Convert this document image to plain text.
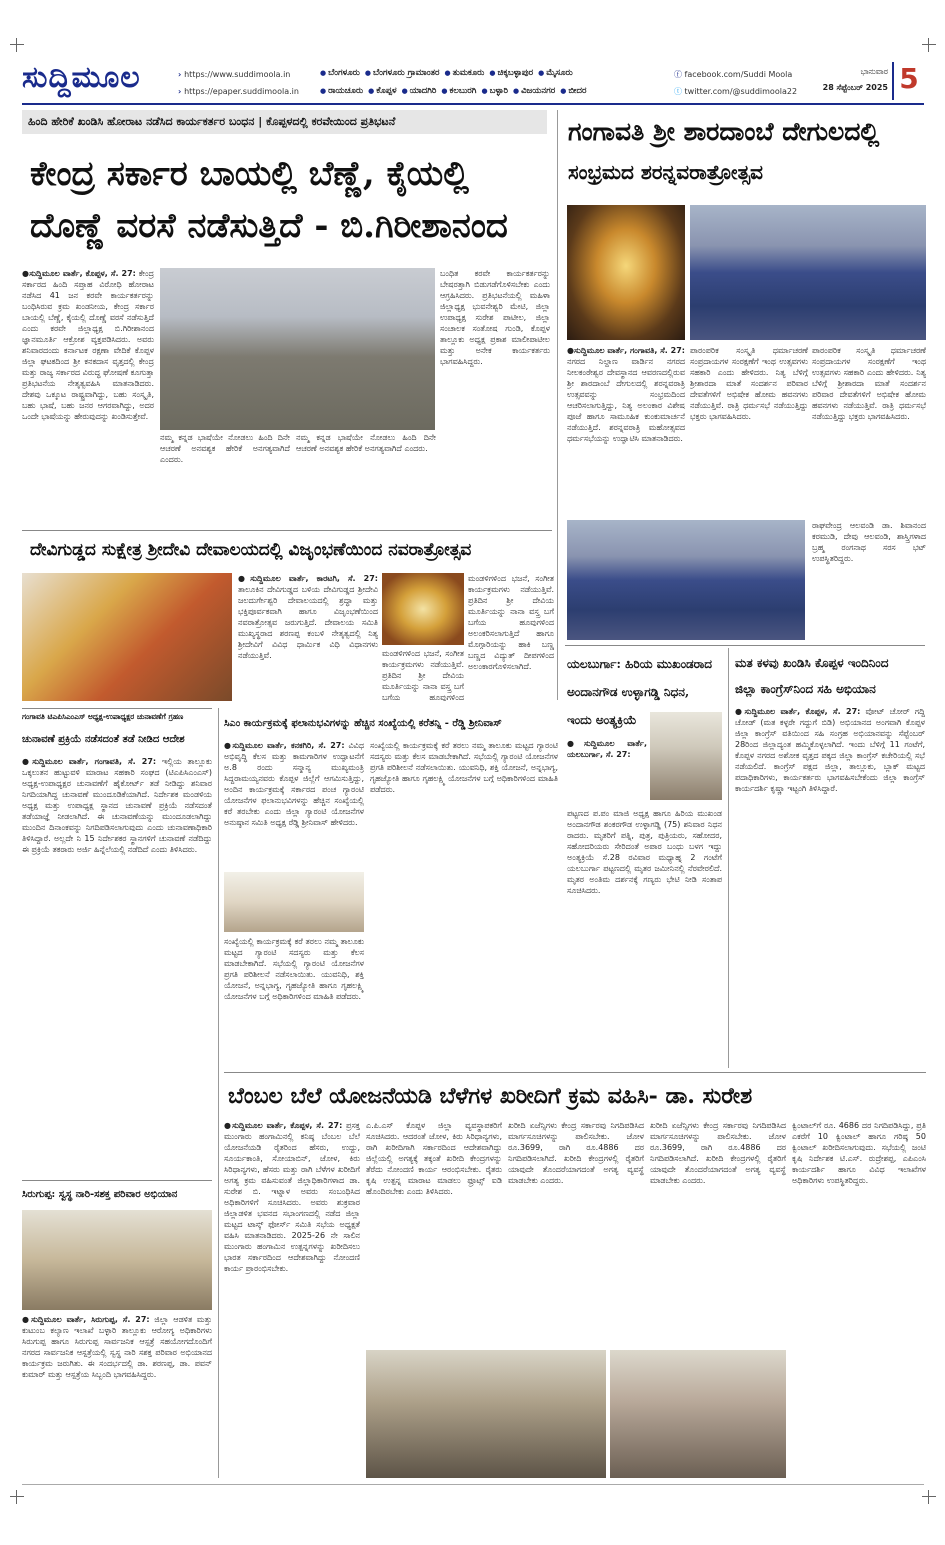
ಸುದ್ದಿಮೂಲ	› https://www.suddimoola.in
› https://epaper.suddimoola.in
● ಬೆಂಗಳೂರು ● ಬೆಂಗಳೂರು ಗ್ರಾಮಾಂತರ ● ತುಮಕೂರು ● ಚಿಕ್ಕಬಳ್ಳಾಪುರ ● ಮೈಸೂರು
● ರಾಯಚೂರು ● ಕೊಪ್ಪಳ ● ಯಾದಗಿರಿ ● ಕಲಬುರಗಿ ● ಬಳ್ಳಾರಿ ● ವಿಜಯನಗರ ● ಬೀದರ
ⓕ facebook.com/Suddi Moola
ⓣ twitter.com/@suddimoola22
ಭಾನುವಾರ
28 ಸೆಪ್ಟೆಂಬರ್ 2025 5
ಹಿಂದಿ ಹೇರಿಕೆ ಖಂಡಿಸಿ ಹೋರಾಟ ನಡೆಸಿದ ಕಾರ್ಯಕರ್ತರ ಬಂಧನ | ಕೊಪ್ಪಳದಲ್ಲಿ ಕರವೇಯಿಂದ ಪ್ರತಿಭಟನೆ
ಕೇಂದ್ರ ಸರ್ಕಾರ ಬಾಯಲ್ಲಿ ಬೆಣ್ಣೆ, ಕೈಯಲ್ಲಿ
ದೊಣ್ಣೆ ವರಸೆ ನಡೆಸುತ್ತಿದೆ - ಬಿ.ಗಿರೀಶಾನಂದ
●ಸುದ್ದಿಮೂಲ ವಾರ್ತೆ, ಕೊಪ್ಪಳ, ಸೆ. 27: ಕೇಂದ್ರ ಸರ್ಕಾರದ ಹಿಂದಿ ಸಪ್ತಾಹ ವಿರೋಧಿ ಹೋರಾಟ ನಡೆಸಿದ 41 ಜನ ಕರವೇ ಕಾರ್ಯಕರ್ತರನ್ನು ಬಂಧಿಸಿರುವ ಕ್ರಮ ಖಂಡನೀಯ, ಕೇಂದ್ರ ಸರ್ಕಾರ ಬಾಯಲ್ಲಿ ಬೆಣ್ಣೆ, ಕೈಯಲ್ಲಿ ದೊಣ್ಣೆ ವರಸೆ ನಡೆಸುತ್ತಿದೆ ಎಂದು ಕರವೇ ಜಿಲ್ಲಾಧ್ಯಕ್ಷ ಬಿ.ಗಿರೀಶಾನಂದ ಜ್ಞಾನಮೂರ್ತಿ ಆಕ್ರೋಶ ವ್ಯಕ್ತಪಡಿಸಿದರು. ಅವರು ಶನಿವಾರದಂದು ಕರ್ನಾಟಕ ರಕ್ಷಣಾ ವೇದಿಕೆ ಕೊಪ್ಪಳ ಜಿಲ್ಲಾ ಘಟಕದಿಂದ ಶ್ರೀ ಕನಕದಾಸ ವೃತ್ತದಲ್ಲಿ ಕೇಂದ್ರ ಮತ್ತು ರಾಜ್ಯ ಸರ್ಕಾರದ ವಿರುದ್ಧ ಘೋಷಣೆ ಕೂಗುತ್ತಾ ಪ್ರತಿಭಟನೆಯ ನೇತೃತ್ವವಹಿಸಿ ಮಾತನಾಡಿದರು. ದೇಶವು ಒಕ್ಕೂಟ ರಾಷ್ಟ್ರವಾಗಿದ್ದು, ಬಹು ಸಂಸ್ಕೃತಿ, ಬಹು ಭಾಷೆ, ಬಹು ಜನರ ಆಗರವಾಗಿದ್ದು, ಅದರ ಒಂದೇ ಭಾಷೆಯನ್ನು ಹೇರುವುದನ್ನು ಖಂಡಿಸುತ್ತೇವೆ.
ನಮ್ಮ ಕನ್ನಡ ಭಾಷೆಯೇ ನೋಡಲು ಹಿಂದಿ ದಿನೇ ಆಚರಣೆ ಅನವಶ್ಯಕ ಹೇರಿಕೆ ಅನಗತ್ಯವಾಗಿದೆ ಎಂದರು.
ನಮ್ಮ ಕನ್ನಡ ಭಾಷೆಯೇ ನೋಡಲು ಹಿಂದಿ ದಿನೇ ಆಚರಣೆ ಅನವಶ್ಯಕ ಹೇರಿಕೆ ಅನಗತ್ಯವಾಗಿದೆ ಎಂದರು.
ಬಂಧಿತ ಕರವೇ ಕಾರ್ಯಕರ್ತರನ್ನು ಬೇಷರತ್ತಾಗಿ ಬಿಡುಗಡೆಗೊಳಿಸಬೇಕು ಎಂದು ಆಗ್ರಹಿಸಿದರು. ಪ್ರತಿಭಟನೆಯಲ್ಲಿ ಮಹಿಳಾ ಜಿಲ್ಲಾಧ್ಯಕ್ಷ ಭುವನೇಶ್ವರಿ ಮೇಟಿ, ಜಿಲ್ಲಾ ಉಪಾಧ್ಯಕ್ಷ ಸುರೇಶ ಪಾಟೀಲ, ಜಿಲ್ಲಾ ಸಂಚಾಲಕ ಸಂತೋಷ ಗುಂಡಿ, ಕೊಪ್ಪಳ ತಾಲ್ಲೂಕು ಅಧ್ಯಕ್ಷ ಪ್ರಕಾಶ ಮಾಲೀಪಾಟೀಲ ಮತ್ತು ಅನೇಕ ಕಾರ್ಯಕರ್ತರು ಭಾಗವಹಿಸಿದ್ದರು.
ಗಂಗಾವತಿ ಶ್ರೀ ಶಾರದಾಂಬೆ ದೇಗುಲದಲ್ಲಿ
ಸಂಭ್ರಮದ ಶರನ್ನವರಾತ್ರೋತ್ಸವ
●ಸುದ್ದಿಮೂಲ ವಾರ್ತೆ, ಗಂಗಾವತಿ, ಸೆ. 27: ನಗರದ ನಿಲ್ದಾಣ ವಾರ್ಡಿನ ನಗರದ ನೀಲಕಂಠೇಶ್ವರ ದೇವಸ್ಥಾನದ ಆವರಣದಲ್ಲಿರುವ ಶ್ರೀ ಶಾರದಾಂಬೆ ದೇಗುಲದಲ್ಲಿ ಶರನ್ನವರಾತ್ರಿ ಉತ್ಸವವನ್ನು ಸಂಭ್ರಮದಿಂದ ಆಚರಿಸಲಾಗುತ್ತಿದ್ದು, ನಿತ್ಯ ಅಲಂಕಾರ ವಿಶೇಷ ಪೂಜೆ ಹಾಗೂ ಸಾಮೂಹಿಕ ಕುಂಕುಮಾರ್ಚನೆ ನಡೆಯುತ್ತಿದೆ. ಶರನ್ನವರಾತ್ರಿ ಮಹೋತ್ಸವದ ಧರ್ಮಸಭೆಯನ್ನು ಉದ್ಘಾಟಿಸಿ ಮಾತನಾಡಿದರು.
ಪಾರಂಪರಿಕ ಸಂಸ್ಕೃತಿ ಧರ್ಮಾಚರಣೆ ಸಂಪ್ರದಾಯಗಳ ಸಂರಕ್ಷಣೆಗೆ ಇಂಥ ಉತ್ಸವಗಳು ಸಹಕಾರಿ ಎಂದು ಹೇಳಿದರು. ನಿತ್ಯ ಬೆಳಿಗ್ಗೆ ಶ್ರೀಶಾರದಾ ಮಾತೆ ಸಂದರ್ಶನ ಪರಿವಾರ ದೇವತೆಗಳಿಗೆ ಅಭಿಷೇಕ ಹೋಮ ಹವನಗಳು ನಡೆಯುತ್ತಿವೆ. ರಾತ್ರಿ ಧರ್ಮಸಭೆ ನಡೆಯುತ್ತಿದ್ದು ಭಕ್ತರು ಭಾಗವಹಿಸಿದರು.
ಪಾರಂಪರಿಕ ಸಂಸ್ಕೃತಿ ಧರ್ಮಾಚರಣೆ ಸಂಪ್ರದಾಯಗಳ ಸಂರಕ್ಷಣೆಗೆ ಇಂಥ ಉತ್ಸವಗಳು ಸಹಕಾರಿ ಎಂದು ಹೇಳಿದರು. ನಿತ್ಯ ಬೆಳಿಗ್ಗೆ ಶ್ರೀಶಾರದಾ ಮಾತೆ ಸಂದರ್ಶನ ಪರಿವಾರ ದೇವತೆಗಳಿಗೆ ಅಭಿಷೇಕ ಹೋಮ ಹವನಗಳು ನಡೆಯುತ್ತಿವೆ. ರಾತ್ರಿ ಧರ್ಮಸಭೆ ನಡೆಯುತ್ತಿದ್ದು ಭಕ್ತರು ಭಾಗವಹಿಸಿದರು.
ರಾಘವೇಂದ್ರ ಆಲವಂಡಿ ಡಾ. ಶಿವಾನಂದ ಕರಮುಡಿ, ದೇವು ಆಲವಂಡಿ, ಶಾಸ್ತ್ರಿಗಳಾದ ಬ್ರಹ್ಮ ರಂಗನಾಥ ಸರಸ ಭಟ್ ಉಪಸ್ಥಿತರಿದ್ದರು.
ದೇವಿಗುಡ್ಡದ ಸುಕ್ಷೇತ್ರ ಶ್ರೀದೇವಿ ದೇವಾಲಯದಲ್ಲಿ ವಿಜೃಂಭಣೆಯಿಂದ ನವರಾತ್ರೋತ್ಸವ
●ಸುದ್ದಿಮೂಲ ವಾರ್ತೆ, ಕಾರಟಗಿ, ಸೆ. 27: ತಾಲೂಕಿನ ದೇವಿಗುಡ್ಡದ ಬಳಿಯ ದೇವಿಗುಡ್ಡದ ಶ್ರೀದೇವಿ ಜಲದುರ್ಗೇಶ್ವರಿ ದೇವಾಲಯದಲ್ಲಿ ಶ್ರದ್ಧಾ ಮತ್ತು ಭಕ್ತಿಪೂರ್ವಕವಾಗಿ ಹಾಗೂ ವಿಜೃಂಭಣೆಯಿಂದ ನವರಾತ್ರೋತ್ಸವ ಜರುಗುತ್ತಿದೆ. ದೇವಾಲಯ ಸಮಿತಿ ಮುಖ್ಯಸ್ಥರಾದ ಶರಣಪ್ಪ ಕಂಬಳಿ ನೇತೃತ್ವದಲ್ಲಿ ನಿತ್ಯ ಶ್ರೀದೇವಿಗೆ ವಿವಿಧ ಧಾರ್ಮಿಕ ವಿಧಿ ವಿಧಾನಗಳು ನಡೆಯುತ್ತಿವೆ.
ಮಂಡಳಿಗಳಿಂದ ಭಜನೆ, ಸಂಗೀತ ಕಾರ್ಯಕ್ರಮಗಳು ನಡೆಯುತ್ತಿವೆ. ಪ್ರತಿದಿನ ಶ್ರೀ ದೇವಿಯ ಮೂರ್ತಿಯನ್ನು ನಾನಾ ವಸ್ತ್ರ ಬಗೆ ಬಗೆಯ ಹೂವುಗಳಿಂದ ಅಲಂಕರಿಸಲಾಗುತ್ತಿದೆ ಹಾಗೂ ಮೊಗ್ಗಾರಿಯನ್ನು ಹಾಕಿ ಬಣ್ಣ ಬಣ್ಣದ ವಿದ್ಯುತ್ ದೀಪಗಳಿಂದ ಅಲಂಕಾರಗೊಳಿಸಲಾಗಿದೆ.
ಮಂಡಳಿಗಳಿಂದ ಭಜನೆ, ಸಂಗೀತ ಕಾರ್ಯಕ್ರಮಗಳು ನಡೆಯುತ್ತಿವೆ. ಪ್ರತಿದಿನ ಶ್ರೀ ದೇವಿಯ ಮೂರ್ತಿಯನ್ನು ನಾನಾ ವಸ್ತ್ರ ಬಗೆ ಬಗೆಯ ಹೂವುಗಳಿಂದ
ಯಲಬುರ್ಗಾ: ಹಿರಿಯ ಮುಖಂಡರಾದ
ಅಂದಾನಗೌಡ ಉಳ್ಳಾಗಡ್ಡಿ ನಿಧನ,
ಇಂದು ಅಂತ್ಯಕ್ರಿಯೆ
●ಸುದ್ದಿಮೂಲ ವಾರ್ತೆ, ಯಲಬುರ್ಗಾ, ಸೆ. 27:
ಪಟ್ಟಣದ ಪ.ಪಂ ಮಾಜಿ ಅಧ್ಯಕ್ಷ ಹಾಗೂ ಹಿರಿಯ ಮುಖಂಡ ಅಂದಾನಗೌಡ ಶಂಕರಗೌಡ ಉಳ್ಳಾಗಡ್ಡಿ (75) ಶನಿವಾರ ನಿಧನ ರಾದರು. ಮೃತರಿಗೆ ಪತ್ನಿ, ಪುತ್ರ, ಪುತ್ರಿಯರು, ಸಹೋದರ, ಸಹೋದರಿಯರು ಸೇರಿದಂತೆ ಅಪಾರ ಬಂಧು ಬಳಗ ಇದ್ದು ಅಂತ್ಯಕ್ರಿಯೆ ಸೆ.28 ರವಿವಾರ ಮಧ್ಯಾಹ್ನ 2 ಗಂಟೆಗೆ ಯಲಬುರ್ಗಾ ಪಟ್ಟಣದಲ್ಲಿ ಮೃತರ ಜಮೀನಿನಲ್ಲಿ ನೆರವೇರಲಿದೆ. ಮೃತರ ಅಂತಿಮ ದರ್ಶನಕ್ಕೆ ಗಣ್ಯರು ಭೇಟಿ ನೀಡಿ ಸಂತಾಪ ಸೂಚಿಸಿದರು.
ಮತ ಕಳವು ಖಂಡಿಸಿ ಕೊಪ್ಪಳ ಇಂದಿನಿಂದ
ಜಿಲ್ಲಾ ಕಾಂಗ್ರೆಸ್‌ನಿಂದ ಸಹಿ ಅಭಿಯಾನ
●ಸುದ್ದಿಮೂಲ ವಾರ್ತೆ, ಕೊಪ್ಪಳ, ಸೆ. 27: ವೋಟ್ ಚೋರ್ ಗದ್ದಿ ಚೋಡ್ (ಮತ ಕಳ್ಳರೇ ಗದ್ದುಗೆ ಬಿಡಿ) ಅಭಿಯಾನದ ಅಂಗವಾಗಿ ಕೊಪ್ಪಳ ಜಿಲ್ಲಾ ಕಾಂಗ್ರೆಸ್ ವತಿಯಿಂದ ಸಹಿ ಸಂಗ್ರಹ ಅಭಿಯಾನವನ್ನು ಸೆಪ್ಟೆಂಬರ್ 28ರಿಂದ ಜಿಲ್ಲಾದ್ಯಂತ ಹಮ್ಮಿಕೊಳ್ಳಲಾಗಿದೆ. ಇಂದು ಬೆಳಿಗ್ಗೆ 11 ಗಂಟೆಗೆ, ಕೊಪ್ಪಳ ನಗರದ ಅಶೋಕ ವೃತ್ತದ ಪಕ್ಕದ ಜಿಲ್ಲಾ ಕಾಂಗ್ರೆಸ್ ಕಚೇರಿಯಲ್ಲಿ ಸಭೆ ನಡೆಯಲಿದೆ. ಕಾಂಗ್ರೆಸ್ ಪಕ್ಷದ ಜಿಲ್ಲಾ, ತಾಲ್ಲೂಕು, ಬ್ಲಾಕ್ ಮಟ್ಟದ ಪದಾಧಿಕಾರಿಗಳು, ಕಾರ್ಯಕರ್ತರು ಭಾಗವಹಿಸಬೇಕೆಂದು ಜಿಲ್ಲಾ ಕಾಂಗ್ರೆಸ್ ಕಾರ್ಯದರ್ಶಿ ಕೃಷ್ಣಾ ಇಟ್ಟಂಗಿ ತಿಳಿಸಿದ್ದಾರೆ.
ಗಂಗಾವತಿ ಟಿಎಪಿಸಿಎಂಎಸ್ ಅಧ್ಯಕ್ಷ-ಉಪಾಧ್ಯಕ್ಷರ ಚುನಾವಣೆಗೆ ಗ್ರಹಣ
ಚುನಾವಣೆ ಪ್ರಕ್ರಿಯೆ ನಡೆಸದಂತೆ ತಡೆ ನೀಡಿದ ಆದೇಶ
●ಸುದ್ದಿಮೂಲ ವಾರ್ತೆ, ಗಂಗಾವತಿ, ಸೆ. 27: ಇಲ್ಲಿಯ ತಾಲ್ಲೂಕು ಒಕ್ಕಲುತನ ಹುಟ್ಟುವಳಿ ಮಾರಾಟ ಸಹಕಾರಿ ಸಂಘದ (ಟಿಎಪಿಸಿಎಂಎಸ್) ಅಧ್ಯಕ್ಷ-ಉಪಾಧ್ಯಕ್ಷರ ಚುನಾವಣೆಗೆ ಹೈಕೋರ್ಟ್ ತಡೆ ನೀಡಿದ್ದು ಶನಿವಾರ ನಿಗದಿಯಾಗಿದ್ದ ಚುನಾವಣೆ ಮುಂದೂಡಿಕೆಯಾಗಿದೆ. ನಿರ್ದೇಶಕ ಮಂಡಳಿಯ ಅಧ್ಯಕ್ಷ ಮತ್ತು ಉಪಾಧ್ಯಕ್ಷ ಸ್ಥಾನದ ಚುನಾವಣೆ ಪ್ರಕ್ರಿಯೆ ನಡೆಸದಂತೆ ತಡೆಯಾಜ್ಞೆ ನೀಡಲಾಗಿದೆ. ಈ ಚುನಾವಣೆಯನ್ನು ಮುಂದೂಡಲಾಗಿದ್ದು ಮುಂದಿನ ದಿನಾಂಕವನ್ನು ನಿಗದಿಪಡಿಸಲಾಗುವುದು ಎಂದು ಚುನಾವಣಾಧಿಕಾರಿ ತಿಳಿಸಿದ್ದಾರೆ. ಅಲ್ಲದೇ ನಿ 15 ನಿರ್ದೇಶಕರ ಸ್ಥಾನಗಳಿಗೆ ಚುನಾವಣೆ ನಡೆದಿದ್ದು ಈ ಪ್ರಕ್ರಿಯೆ ತಕರಾರು ಅರ್ಜಿ ಹಿನ್ನೆಲೆಯಲ್ಲಿ ನಡೆದಿದೆ ಎಂದು ತಿಳಿಸಿದರು.
ಸಿಎಂ ಕಾರ್ಯಕ್ರಮಕ್ಕೆ ಫಲಾನುಭವಿಗಳನ್ನು ಹೆಚ್ಚಿನ ಸಂಖ್ಯೆಯಲ್ಲಿ ಕರೆತನ್ನಿ - ರೆಡ್ಡಿ ಶ್ರೀನಿವಾಸ್
●ಸುದ್ದಿಮೂಲ ವಾರ್ತೆ, ಕನಕಗಿರಿ, ಸೆ. 27: ವಿವಿಧ ಅಭಿವೃದ್ಧಿ ಕೆಲಸ ಮತ್ತು ಕಾಮಗಾರಿಗಳ ಉದ್ಘಾಟನೆಗೆ ಅ.8 ರಂದು ಸನ್ಮಾನ್ಯ ಮುಖ್ಯಮಂತ್ರಿ ಸಿದ್ದರಾಮಯ್ಯನವರು ಕೊಪ್ಪಳ ಜಿಲ್ಲೆಗೆ ಆಗಮಿಸುತ್ತಿದ್ದು, ಅಂದಿನ ಕಾರ್ಯಕ್ರಮಕ್ಕೆ ಸರ್ಕಾರದ ಪಂಚ ಗ್ಯಾರಂಟಿ ಯೋಜನೆಗಳ ಫಲಾನುಭವಿಗಳನ್ನು ಹೆಚ್ಚಿನ ಸಂಖ್ಯೆಯಲ್ಲಿ ಕರೆ ತರಬೇಕು ಎಂದು ಜಿಲ್ಲಾ ಗ್ಯಾರಂಟಿ ಯೋಜನೆಗಳ ಅನುಷ್ಠಾನ ಸಮಿತಿ ಅಧ್ಯಕ್ಷ ರೆಡ್ಡಿ ಶ್ರೀನಿವಾಸ್ ಹೇಳಿದರು.
ಸಂಖ್ಯೆಯಲ್ಲಿ ಕಾರ್ಯಕ್ರಮಕ್ಕೆ ಕರೆ ತರಲು ನಮ್ಮ ತಾಲೂಕು ಮಟ್ಟದ ಗ್ಯಾರಂಟಿ ಸದಸ್ಯರು ಮತ್ತು ಕೆಲಸ ಮಾಡಬೇಕಾಗಿದೆ. ಸಭೆಯಲ್ಲಿ ಗ್ಯಾರಂಟಿ ಯೋಜನೆಗಳ ಪ್ರಗತಿ ಪರಿಶೀಲನೆ ನಡೆಸಲಾಯಿತು. ಯುವನಿಧಿ, ಶಕ್ತಿ ಯೋಜನೆ, ಅನ್ನಭಾಗ್ಯ, ಗೃಹಜ್ಯೋತಿ ಹಾಗೂ ಗೃಹಲಕ್ಷ್ಮಿ ಯೋಜನೆಗಳ ಬಗ್ಗೆ ಅಧಿಕಾರಿಗಳಿಂದ ಮಾಹಿತಿ ಪಡೆದರು.
ಸಂಖ್ಯೆಯಲ್ಲಿ ಕಾರ್ಯಕ್ರಮಕ್ಕೆ ಕರೆ ತರಲು ನಮ್ಮ ತಾಲೂಕು ಮಟ್ಟದ ಗ್ಯಾರಂಟಿ ಸದಸ್ಯರು ಮತ್ತು ಕೆಲಸ ಮಾಡಬೇಕಾಗಿದೆ. ಸಭೆಯಲ್ಲಿ ಗ್ಯಾರಂಟಿ ಯೋಜನೆಗಳ ಪ್ರಗತಿ ಪರಿಶೀಲನೆ ನಡೆಸಲಾಯಿತು. ಯುವನಿಧಿ, ಶಕ್ತಿ ಯೋಜನೆ, ಅನ್ನಭಾಗ್ಯ, ಗೃಹಜ್ಯೋತಿ ಹಾಗೂ ಗೃಹಲಕ್ಷ್ಮಿ ಯೋಜನೆಗಳ ಬಗ್ಗೆ ಅಧಿಕಾರಿಗಳಿಂದ ಮಾಹಿತಿ ಪಡೆದರು.
ಬೆಂಬಲ ಬೆಲೆ ಯೋಜನೆಯಡಿ ಬೆಳೆಗಳ ಖರೀದಿಗೆ ಕ್ರಮ ವಹಿಸಿ- ಡಾ. ಸುರೇಶ
●ಸುದ್ದಿಮೂಲ ವಾರ್ತೆ, ಕೊಪ್ಪಳ, ಸೆ. 27: ಪ್ರಸಕ್ತ ಮುಂಗಾರು ಹಂಗಾಮಿನಲ್ಲಿ ಕನಿಷ್ಠ ಬೆಂಬಲ ಬೆಲೆ ಯೋಜನೆಯಡಿ ರೈತರಿಂದ ಹೆಸರು, ಉದ್ದು, ಸೂರ್ಯಕಾಂತಿ, ಸೋಯಾಬಿನ್, ಜೋಳ, ಕಿರು ಸಿರಿಧಾನ್ಯಗಳು, ಹೆಸರು ಮತ್ತು ರಾಗಿ ಬೆಳೆಗಳ ಖರೀದಿಗೆ ಅಗತ್ಯ ಕ್ರಮ ವಹಿಸುವಂತೆ ಜಿಲ್ಲಾಧಿಕಾರಿಗಳಾದ ಡಾ. ಸುರೇಶ ಬಿ. ಇಟ್ನಾಳ ಅವರು ಸಂಬಂಧಿಸಿದ ಅಧಿಕಾರಿಗಳಿಗೆ ಸೂಚಿಸಿದರು. ಅವರು ಶುಕ್ರವಾರ ಜಿಲ್ಲಾಡಳಿತ ಭವನದ ಸಭಾಂಗಣದಲ್ಲಿ ನಡೆದ ಜಿಲ್ಲಾ ಮಟ್ಟದ ಟಾಸ್ಕ್ ಫೋರ್ಸ್ ಸಮಿತಿ ಸಭೆಯ ಅಧ್ಯಕ್ಷತೆ ವಹಿಸಿ ಮಾತನಾಡಿದರು. 2025-26 ನೇ ಸಾಲಿನ ಮುಂಗಾರು ಹಂಗಾಮಿನ ಉತ್ಪನ್ನಗಳನ್ನು ಖರೀದಿಸಲು ಭಾರತ ಸರ್ಕಾರದಿಂದ ಆದೇಶವಾಗಿದ್ದು ನೋಂದಣಿ ಕಾರ್ಯ ಪ್ರಾರಂಭಿಸಬೇಕು.
ಎ.ಪಿ.ಎಸ್ ಕೊಪ್ಪಳ ಜಿಲ್ಲಾ ವ್ಯವಸ್ಥಾಪಕರಿಗೆ ಸೂಚಿಸಿದರು. ಆದರಂತೆ ಜೋಳ, ಕಿರು ಸಿರಿಧಾನ್ಯಗಳು, ರಾಗಿ ಖರೀದಿಗಾಗಿ ಸರ್ಕಾರದಿಂದ ಆದೇಶವಾಗಿದ್ದು ಜಿಲ್ಲೆಯಲ್ಲಿ ಅಗತ್ಯಕ್ಕೆ ತಕ್ಕಂತೆ ಖರೀದಿ ಕೇಂದ್ರಗಳನ್ನು ತೆರೆದು ನೋಂದಣಿ ಕಾರ್ಯ ಆರಂಭಿಸಬೇಕು. ರೈತರು ಕೃಷಿ ಉತ್ಪನ್ನ ಮಾರಾಟ ಮಾಡಲು ಫ್ರೂಟ್ಸ್ ಐಡಿ ಹೊಂದಿರಬೇಕು ಎಂದು ತಿಳಿಸಿದರು.
ಖರೀದಿ ಏಜೆನ್ಸಿಗಳು ಕೇಂದ್ರ ಸರ್ಕಾರವು ನಿಗದಿಪಡಿಸಿದ ಮಾರ್ಗಸೂಚಿಗಳನ್ನು ಪಾಲಿಸಬೇಕು. ಜೋಳ ರೂ.3699, ರಾಗಿ ರೂ.4886 ದರ ನಿಗದಿಪಡಿಸಲಾಗಿದೆ. ಖರೀದಿ ಕೇಂದ್ರಗಳಲ್ಲಿ ರೈತರಿಗೆ ಯಾವುದೇ ತೊಂದರೆಯಾಗದಂತೆ ಅಗತ್ಯ ವ್ಯವಸ್ಥೆ ಮಾಡಬೇಕು ಎಂದರು.
ಖರೀದಿ ಏಜೆನ್ಸಿಗಳು ಕೇಂದ್ರ ಸರ್ಕಾರವು ನಿಗದಿಪಡಿಸಿದ ಮಾರ್ಗಸೂಚಿಗಳನ್ನು ಪಾಲಿಸಬೇಕು. ಜೋಳ ರೂ.3699, ರಾಗಿ ರೂ.4886 ದರ ನಿಗದಿಪಡಿಸಲಾಗಿದೆ. ಖರೀದಿ ಕೇಂದ್ರಗಳಲ್ಲಿ ರೈತರಿಗೆ ಯಾವುದೇ ತೊಂದರೆಯಾಗದಂತೆ ಅಗತ್ಯ ವ್ಯವಸ್ಥೆ ಮಾಡಬೇಕು ಎಂದರು.
ಕ್ವಿಂಟಾಲ್‌ಗೆ ರೂ. 4686 ದರ ನಿಗದಿಪಡಿಸಿದ್ದು, ಪ್ರತಿ ಎಕರೆಗೆ 10 ಕ್ವಿಂಟಾಲ್ ಹಾಗೂ ಗರಿಷ್ಠ 50 ಕ್ವಿಂಟಾಲ್ ಖರೀದಿಸಲಾಗುವುದು. ಸಭೆಯಲ್ಲಿ ಜಂಟಿ ಕೃಷಿ ನಿರ್ದೇಶಕ ಟಿ.ಎಸ್. ರುದ್ರೇಶಪ್ಪ, ಎಪಿಎಂಸಿ ಕಾರ್ಯದರ್ಶಿ ಹಾಗೂ ವಿವಿಧ ಇಲಾಖೆಗಳ ಅಧಿಕಾರಿಗಳು ಉಪಸ್ಥಿತರಿದ್ದರು.
ಸಿರುಗುಪ್ಪ: ಸ್ವಸ್ಥ ನಾರಿ-ಸಶಕ್ತ ಪರಿವಾರ ಅಭಿಯಾನ
●ಸುದ್ದಿಮೂಲ ವಾರ್ತೆ, ಸಿರುಗುಪ್ಪ, ಸೆ. 27: ಜಿಲ್ಲಾ ಆಡಳಿತ ಮತ್ತು ಕುಟುಂಬ ಕಲ್ಯಾಣ ಇಲಾಖೆ ಬಳ್ಳಾರಿ ತಾಲ್ಲೂಕು ಆರೋಗ್ಯ ಅಧಿಕಾರಿಗಳು ಸಿರುಗುಪ್ಪ ಹಾಗೂ ಸಿರುಗುಪ್ಪ ಸಾರ್ವಜನಿಕ ಆಸ್ಪತ್ರೆ ಸಹಯೋಗದೊಂದಿಗೆ ನಗರದ ಸಾರ್ವಜನಿಕ ಆಸ್ಪತ್ರೆಯಲ್ಲಿ ಸ್ವಸ್ಥ ನಾರಿ ಸಶಕ್ತ ಪರಿವಾರ ಅಭಿಯಾನದ ಕಾರ್ಯಕ್ರಮ ಜರುಗಿತು. ಈ ಸಂದರ್ಭದಲ್ಲಿ ಡಾ. ಶರಣಪ್ಪ, ಡಾ. ಪವನ್ ಕುಮಾರ್ ಮತ್ತು ಆಸ್ಪತ್ರೆಯ ಸಿಬ್ಬಂದಿ ಭಾಗವಹಿಸಿದ್ದರು.
